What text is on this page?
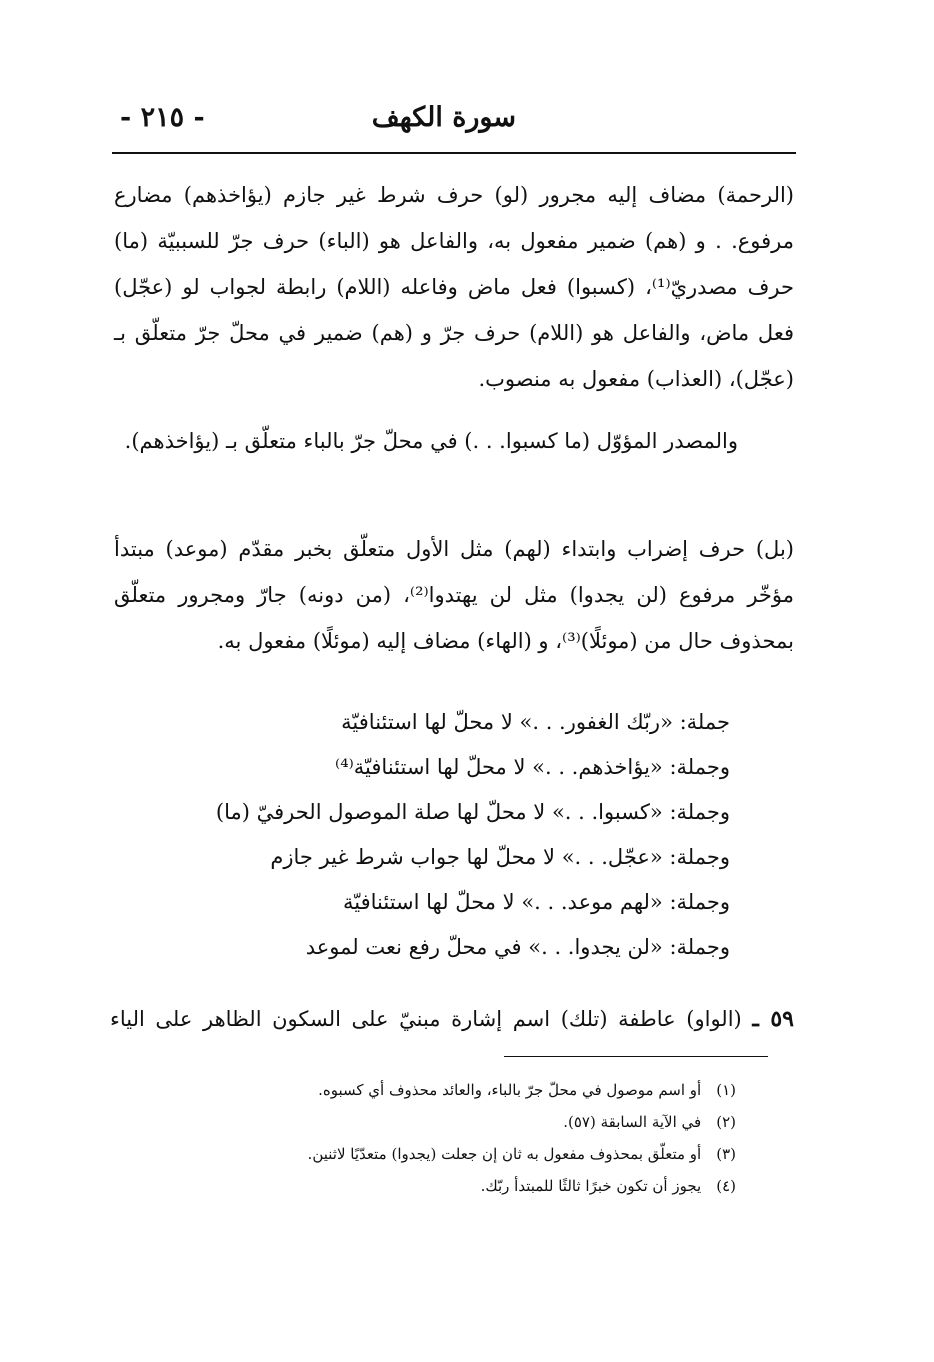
سورة الكهف
- ٢١٥ -

(الرحمة) مضاف إليه مجرور (لو) حرف شرط غير جازم (يؤاخذهم) مضارع مرفوع. . و (هم) ضمير مفعول به، والفاعل هو (الباء) حرف جرّ للسببيّة (ما) حرف مصدريّ⁽¹⁾، (كسبوا) فعل ماض وفاعله (اللام) رابطة لجواب لو (عجّل) فعل ماض، والفاعل هو (اللام) حرف جرّ و (هم) ضمير في محلّ جرّ متعلّق بـ (عجّل)، (العذاب) مفعول به منصوب.

والمصدر المؤوّل (ما كسبوا. . .) في محلّ جرّ بالباء متعلّق بـ (يؤاخذهم).

(بل) حرف إضراب وابتداء (لهم) مثل الأول متعلّق بخبر مقدّم (موعد) مبتدأ مؤخّر مرفوع (لن يجدوا) مثل لن يهتدوا⁽²⁾، (من دونه) جارّ ومجرور متعلّق بمحذوف حال من (موئلًا)⁽³⁾، و (الهاء) مضاف إليه (موئلًا) مفعول به.

جملة: «ربّك الغفور. . .» لا محلّ لها استئنافيّة
وجملة: «يؤاخذهم. . .» لا محلّ لها استئنافيّة⁽⁴⁾
وجملة: «كسبوا. . .» لا محلّ لها صلة الموصول الحرفيّ (ما)
وجملة: «عجّل. . .» لا محلّ لها جواب شرط غير جازم
وجملة: «لهم موعد. . .» لا محلّ لها استئنافيّة
وجملة: «لن يجدوا. . .» في محلّ رفع نعت لموعد

٥٩ ـ (الواو) عاطفة (تلك) اسم إشارة مبنيّ على السكون الظاهر على الياء

(١) أو اسم موصول في محلّ جرّ بالباء، والعائد محذوف أي كسبوه.
(٢) في الآية السابقة (٥٧).
(٣) أو متعلّق بمحذوف مفعول به ثان إن جعلت (يجدوا) متعدّيًا لاثنين.
(٤) يجوز أن تكون خبرًا ثالثًا للمبتدأ ربّك.
